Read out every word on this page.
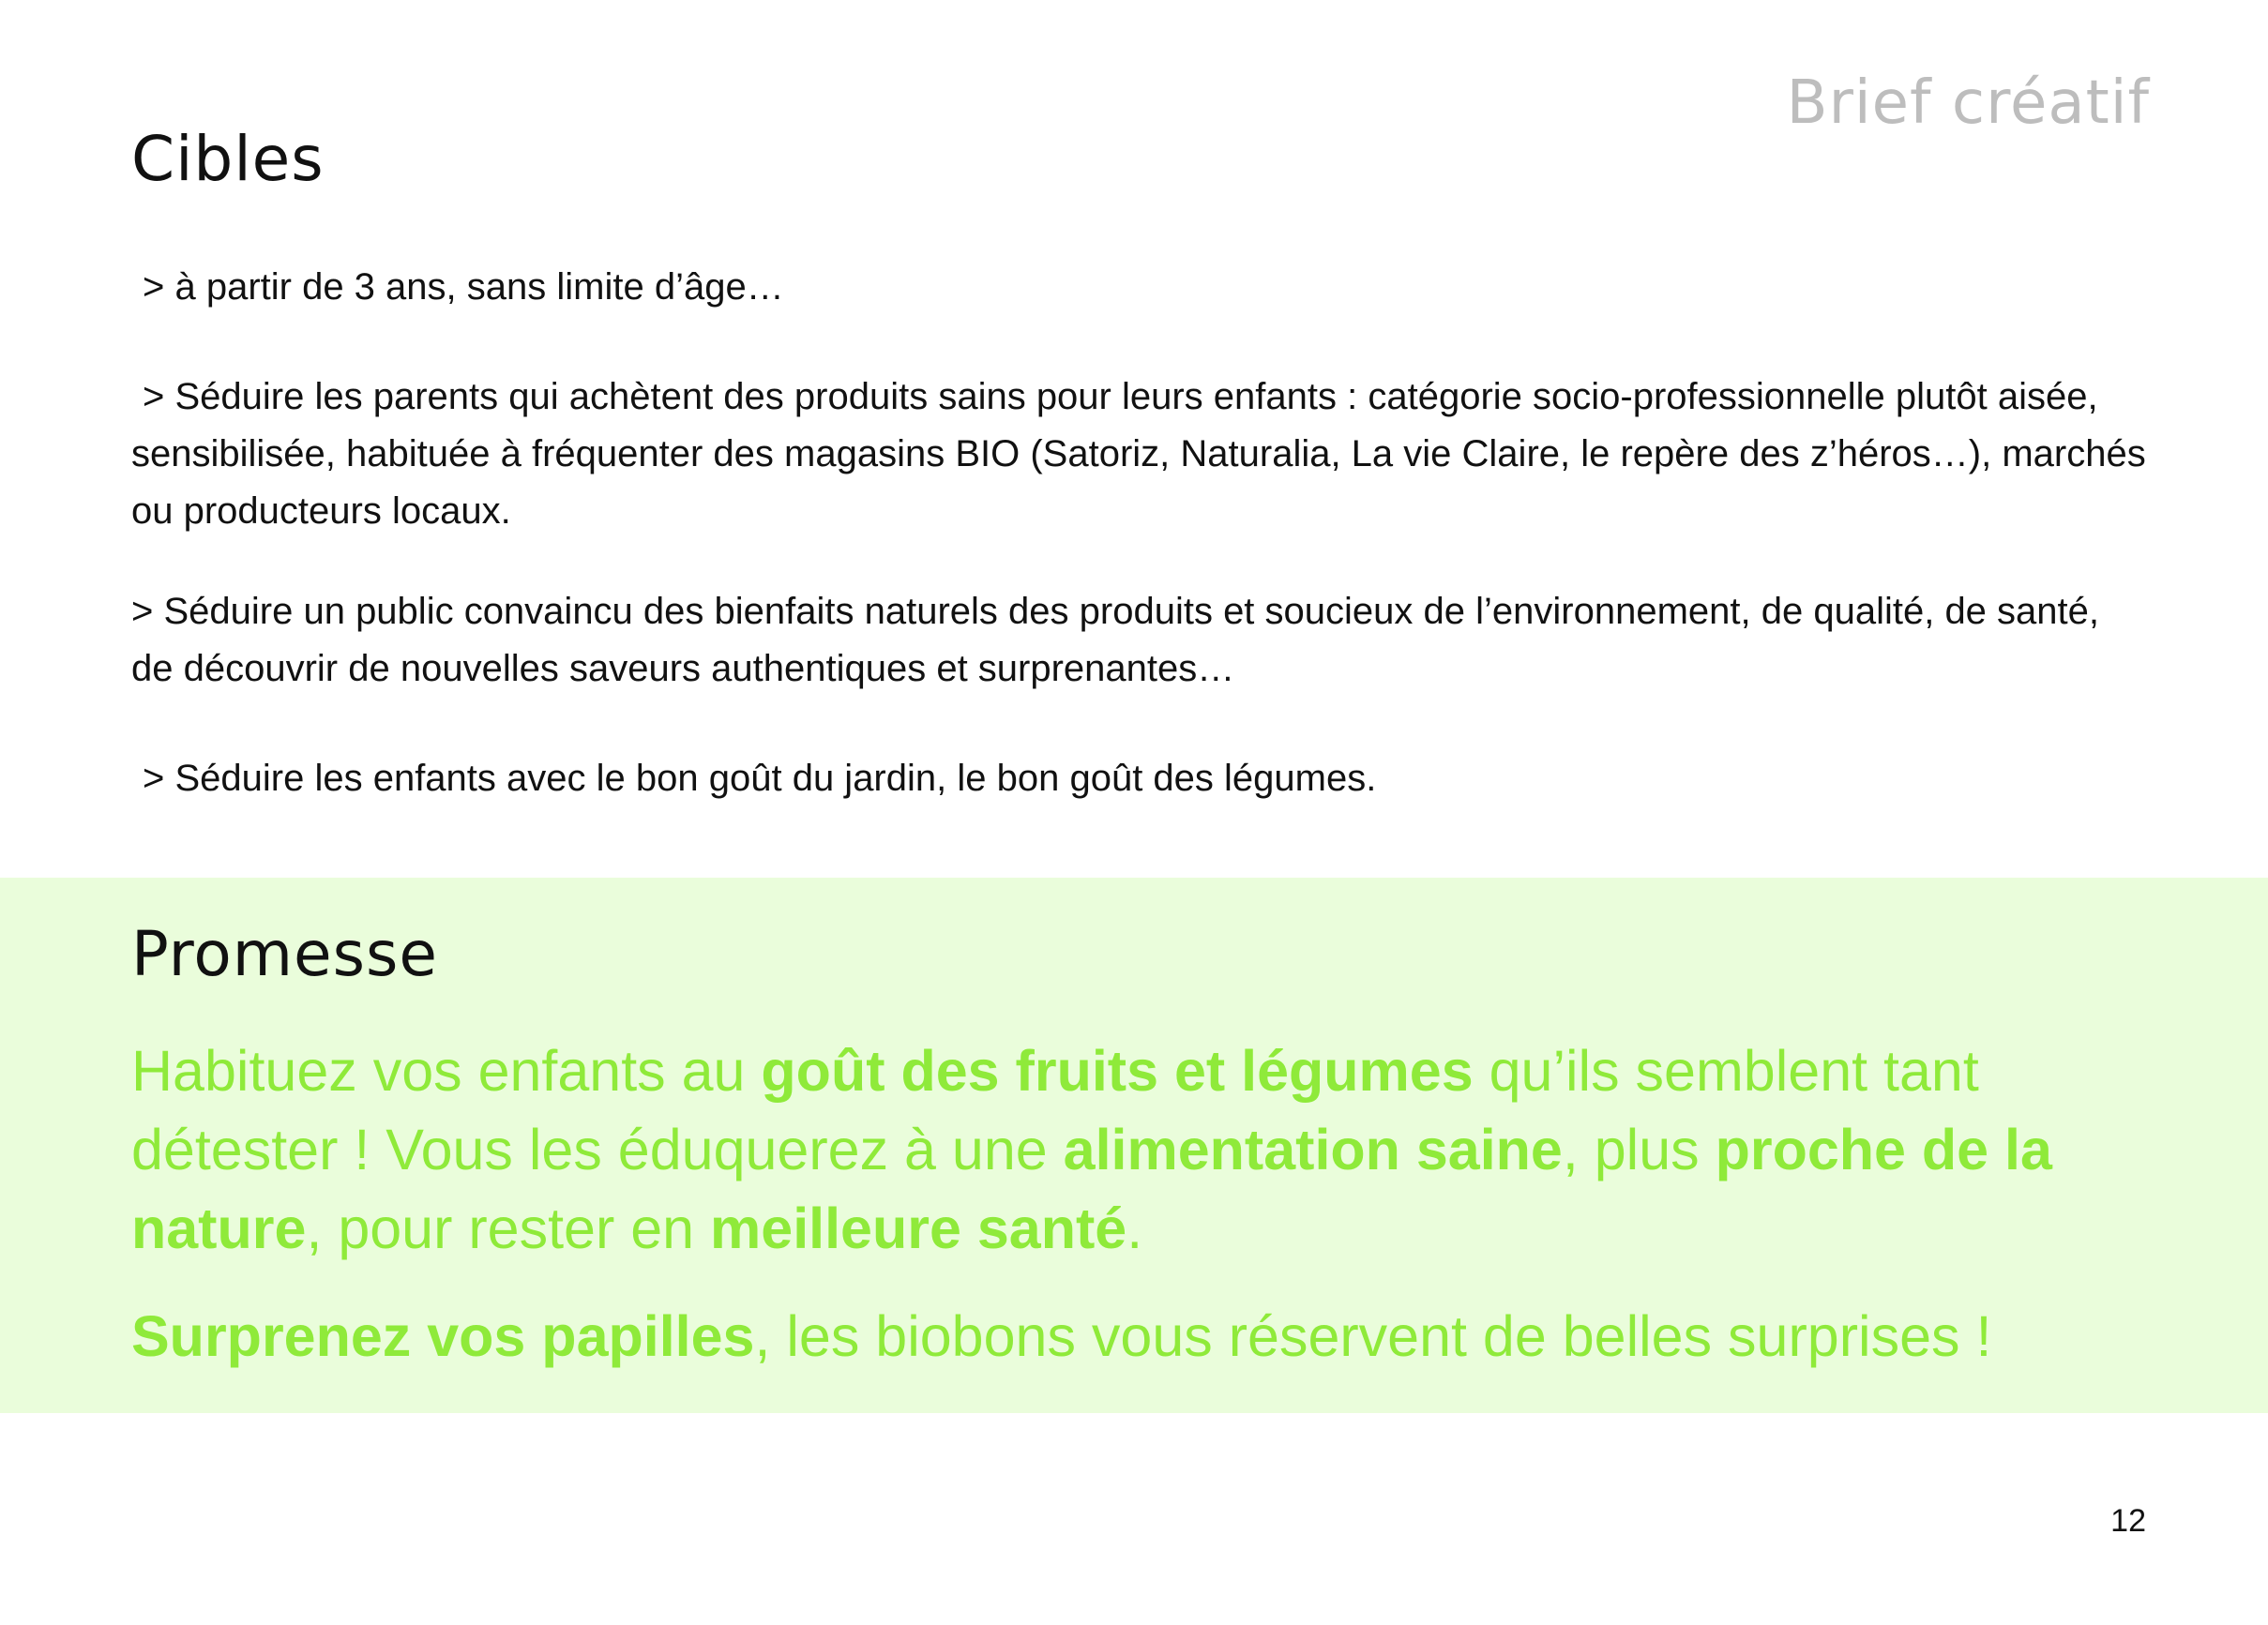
Brief créatif
Cibles
> à partir de 3 ans, sans limite d’âge…
> Séduire les parents qui achètent des produits sains pour leurs enfants : catégorie socio-professionnelle plutôt aisée, sensibilisée, habituée à fréquenter des magasins BIO (Satoriz, Naturalia, La vie Claire, le repère des z’héros…), marchés ou producteurs locaux.
> Séduire un public convaincu des bienfaits naturels des produits et soucieux de l’environnement, de qualité, de santé, de découvrir de nouvelles saveurs authentiques et surprenantes…
> Séduire les enfants avec le bon goût du jardin, le bon goût des légumes.
Promesse

Habituez vos enfants au goût des fruits et légumes qu’ils semblent tant détester ! Vous les éduquerez à une alimentation saine, plus proche de la nature, pour rester en meilleure santé.

Surprenez vos papilles, les biobons vous réservent de belles surprises !

12
